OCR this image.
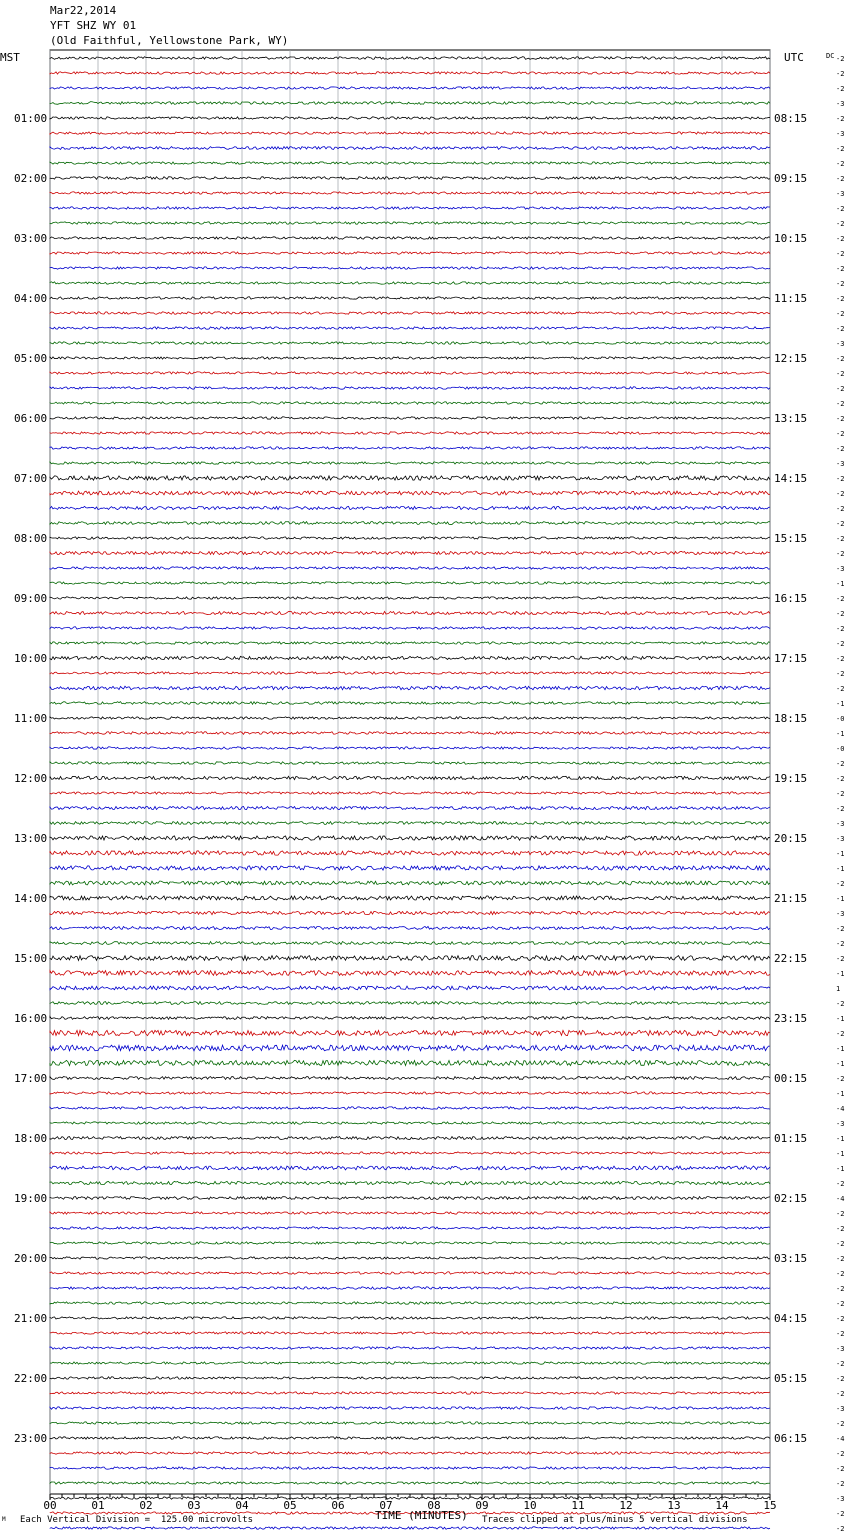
Mar22,2014
YFT SHZ WY 01
(Old Faithful, Yellowstone Park, WY)
00	01	02	03	04	05	06	07	08	09	10	11	12	13	14	15
MST	UTC	DC
01:00
02:00
03:00
04:00
05:00
06:00
07:00
08:00
09:00
10:00
11:00
12:00
13:00
14:00
15:00
16:00
17:00
18:00
19:00
20:00
21:00
22:00
23:00
08:15
09:15
10:15
11:15
12:15
13:15
14:15
15:15
16:15
17:15
18:15
19:15
20:15
21:15
22:15
23:15
00:15
01:15
02:15
03:15
04:15
05:15
06:15
-2
-2
-2
-3
-2
-3
-2
-2
-2
-3
-2
-2
-2
-2
-2
-2
-2
-2
-2
-3
-2
-2
-2
-2
-2
-2
-2
-3
-2
-2
-2
-2
-2
-2
-3
-1
-2
-2
-2
-2
-2
-2
-2
-1
-0
-1
-0
-2
-2
-2
-2
-3
-3
-1
-1
-2
-1
-3
-2
-2
-2
-1
1
-2
-1
-2
-1
-1
-2
-1
-4
-3
-1
-1
-1
-2
-4
-2
-2
-2
-2
-2
-2
-2
-2
-2
-3
-2
-2
-2
-3
-2
-4
-2
-2
-2
-3
-2
-2
TIME (MINUTES)
M Each Vertical Division =  125.00 microvolts	Traces clipped at plus/minus 5 vertical divisions
